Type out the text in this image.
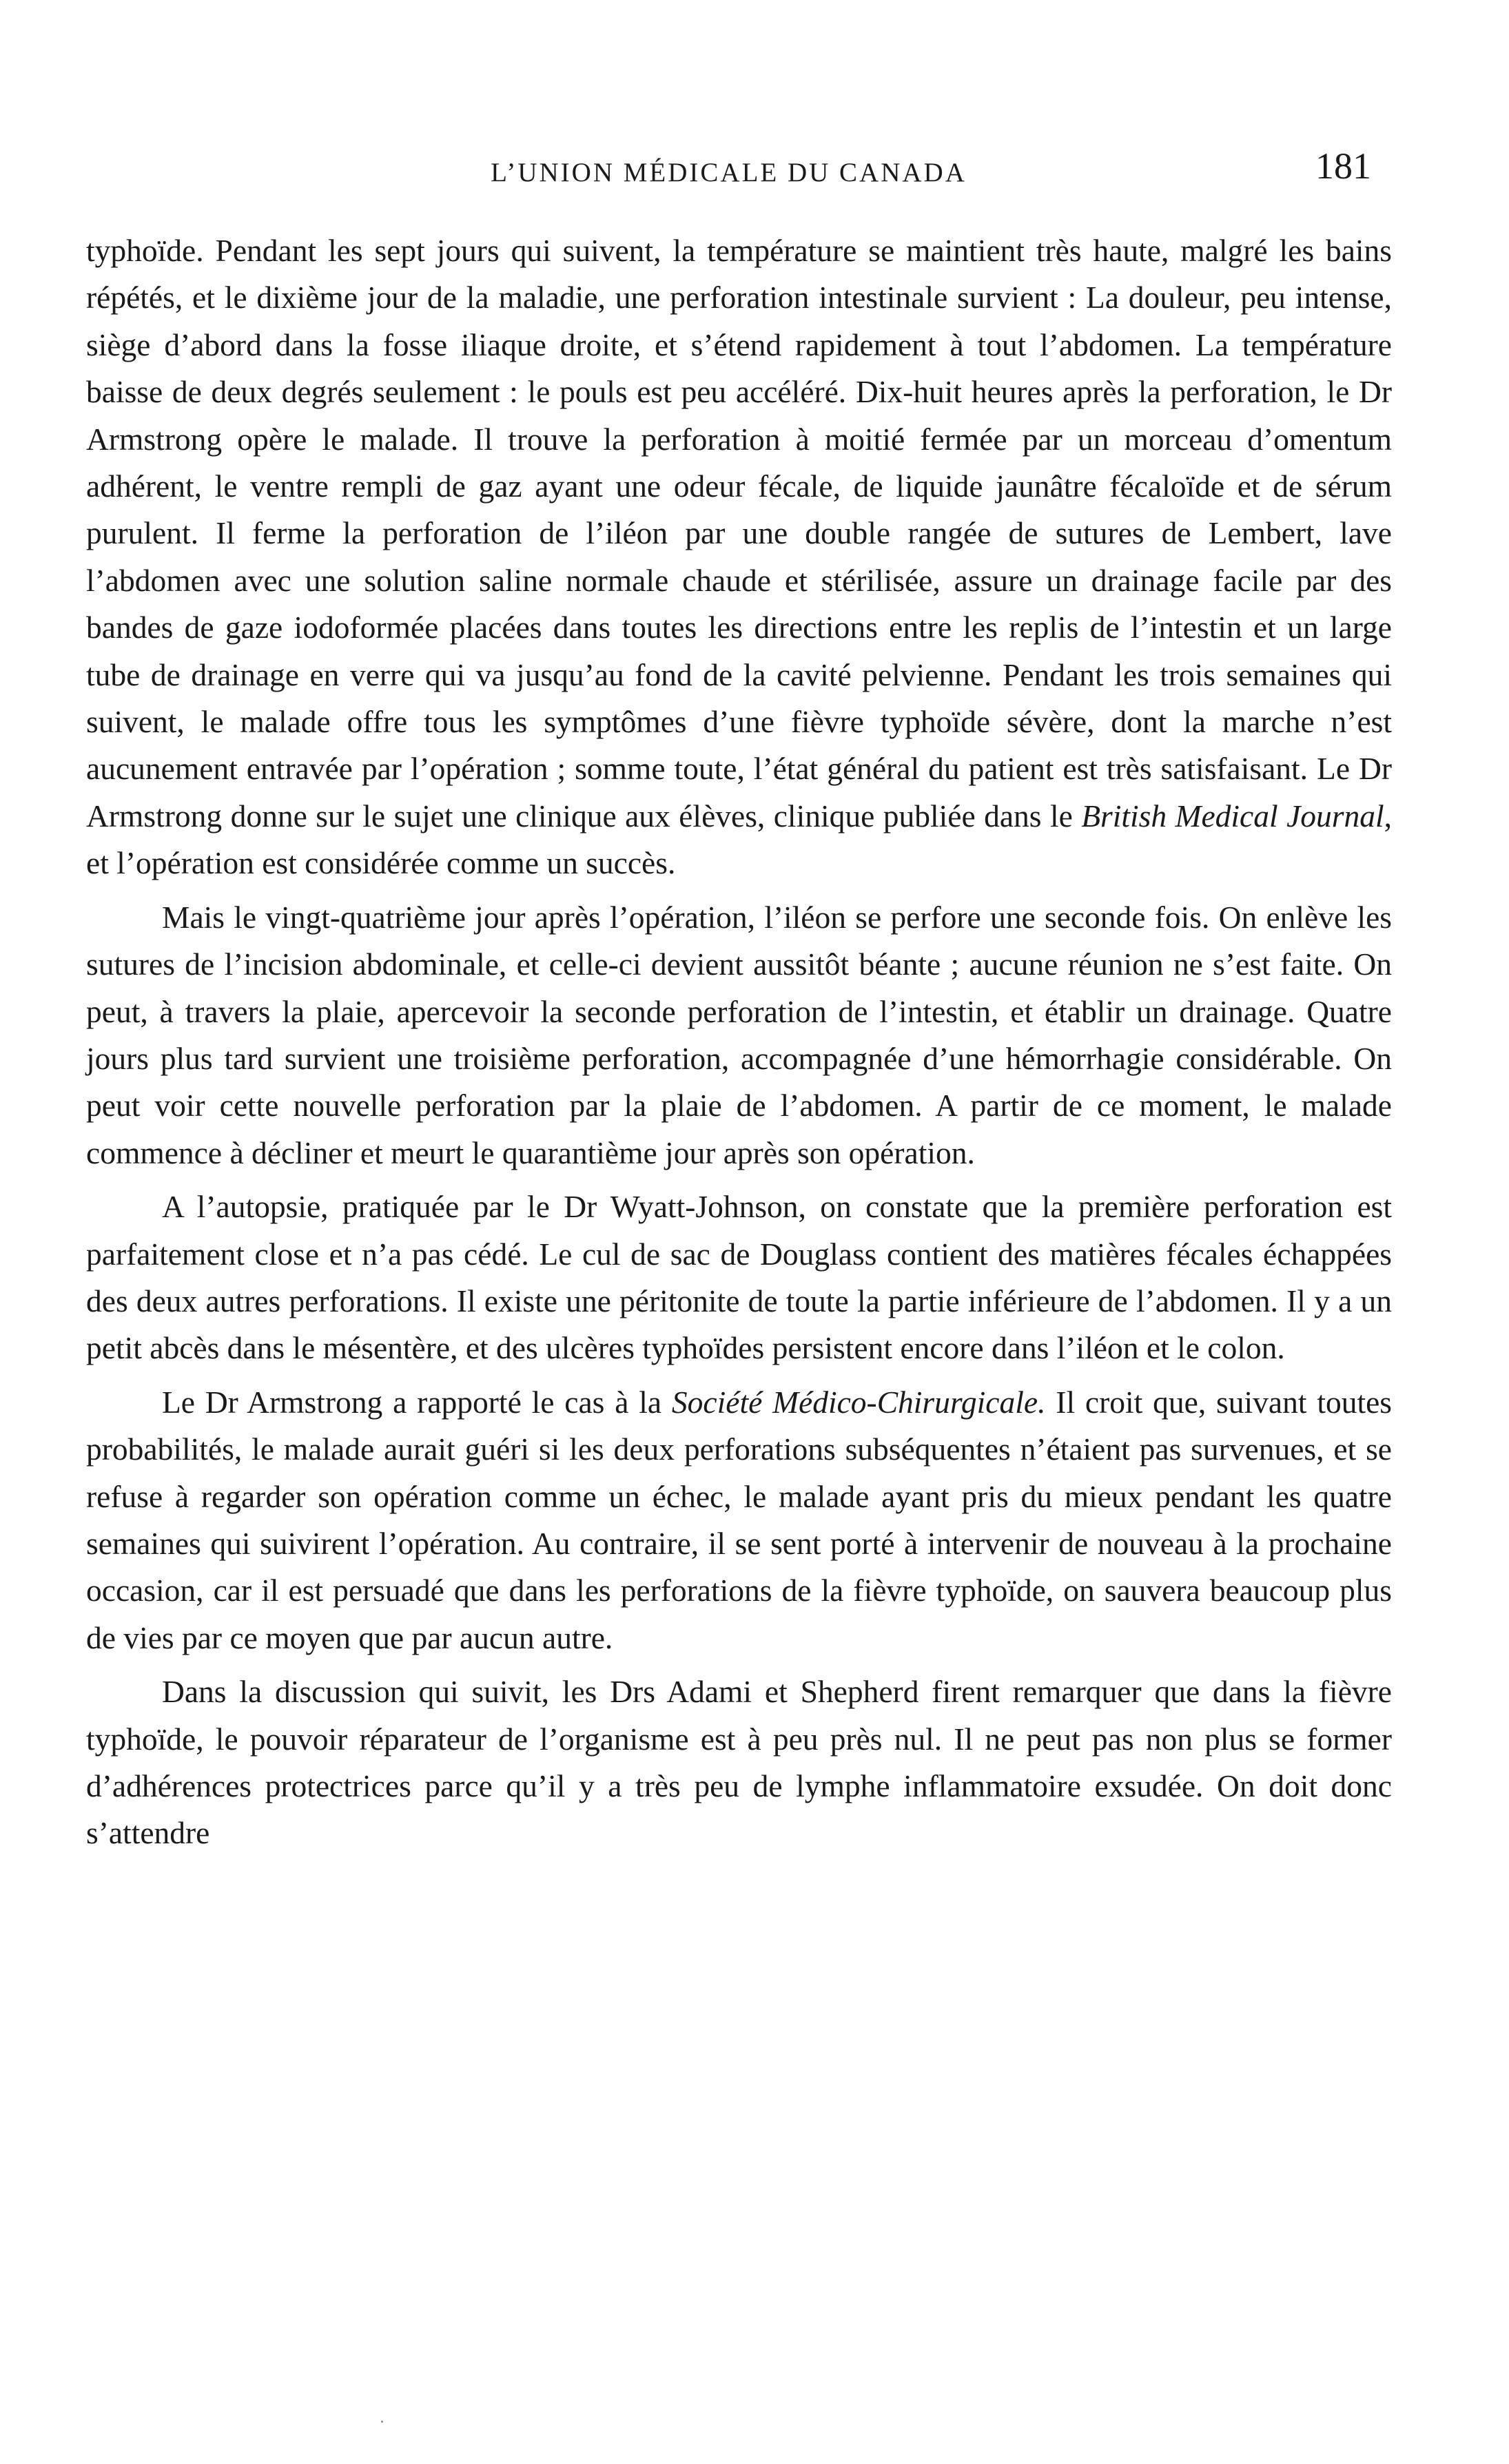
L’UNION MÉDICALE DU CANADA	181

typhoïde. Pendant les sept jours qui suivent, la température se maintient très haute, malgré les bains répétés, et le dixième jour de la maladie, une perforation intestinale survient : La douleur, peu intense, siège d’abord dans la fosse iliaque droite, et s’étend rapidement à tout l’abdomen. La température baisse de deux degrés seulement : le pouls est peu accéléré. Dix-huit heures après la perforation, le Dr Armstrong opère le malade. Il trouve la perforation à moitié fermée par un morceau d’omentum adhérent, le ventre rempli de gaz ayant une odeur fécale, de liquide jaunâtre fécaloïde et de sérum purulent. Il ferme la perforation de l’iléon par une double rangée de sutures de Lembert, lave l’abdomen avec une solution saline normale chaude et stérilisée, assure un drainage facile par des bandes de gaze iodoformée placées dans toutes les directions entre les replis de l’intestin et un large tube de drainage en verre qui va jusqu’au fond de la cavité pelvienne. Pendant les trois semaines qui suivent, le malade offre tous les symptômes d’une fièvre typhoïde sévère, dont la marche n’est aucunement entravée par l’opération ; somme toute, l’état général du patient est très satisfaisant. Le Dr Armstrong donne sur le sujet une clinique aux élèves, clinique publiée dans le British Medical Journal, et l’opération est considérée comme un succès.

Mais le vingt-quatrième jour après l’opération, l’iléon se perfore une seconde fois. On enlève les sutures de l’incision abdominale, et celle-ci devient aussitôt béante ; aucune réunion ne s’est faite. On peut, à travers la plaie, apercevoir la seconde perforation de l’intestin, et établir un drainage. Quatre jours plus tard survient une troisième perforation, accompagnée d’une hémorrhagie considérable. On peut voir cette nouvelle perforation par la plaie de l’abdomen. A partir de ce moment, le malade commence à décliner et meurt le quarantième jour après son opération.

A l’autopsie, pratiquée par le Dr Wyatt-Johnson, on constate que la première perforation est parfaitement close et n’a pas cédé. Le cul de sac de Douglass contient des matières fécales échappées des deux autres perforations. Il existe une péritonite de toute la partie inférieure de l’abdomen. Il y a un petit abcès dans le mésentère, et des ulcères typhoïdes persistent encore dans l’iléon et le colon.

Le Dr Armstrong a rapporté le cas à la Société Médico-Chirurgicale. Il croit que, suivant toutes probabilités, le malade aurait guéri si les deux perforations subséquentes n’étaient pas survenues, et se refuse à regarder son opération comme un échec, le malade ayant pris du mieux pendant les quatre semaines qui suivirent l’opération. Au contraire, il se sent porté à intervenir de nouveau à la prochaine occasion, car il est persuadé que dans les perforations de la fièvre typhoïde, on sauvera beaucoup plus de vies par ce moyen que par aucun autre.

Dans la discussion qui suivit, les Drs Adami et Shepherd firent remarquer que dans la fièvre typhoïde, le pouvoir réparateur de l’organisme est à peu près nul. Il ne peut pas non plus se former d’adhérences protectrices parce qu’il y a très peu de lymphe inflammatoire exsudée. On doit donc s’attendre
